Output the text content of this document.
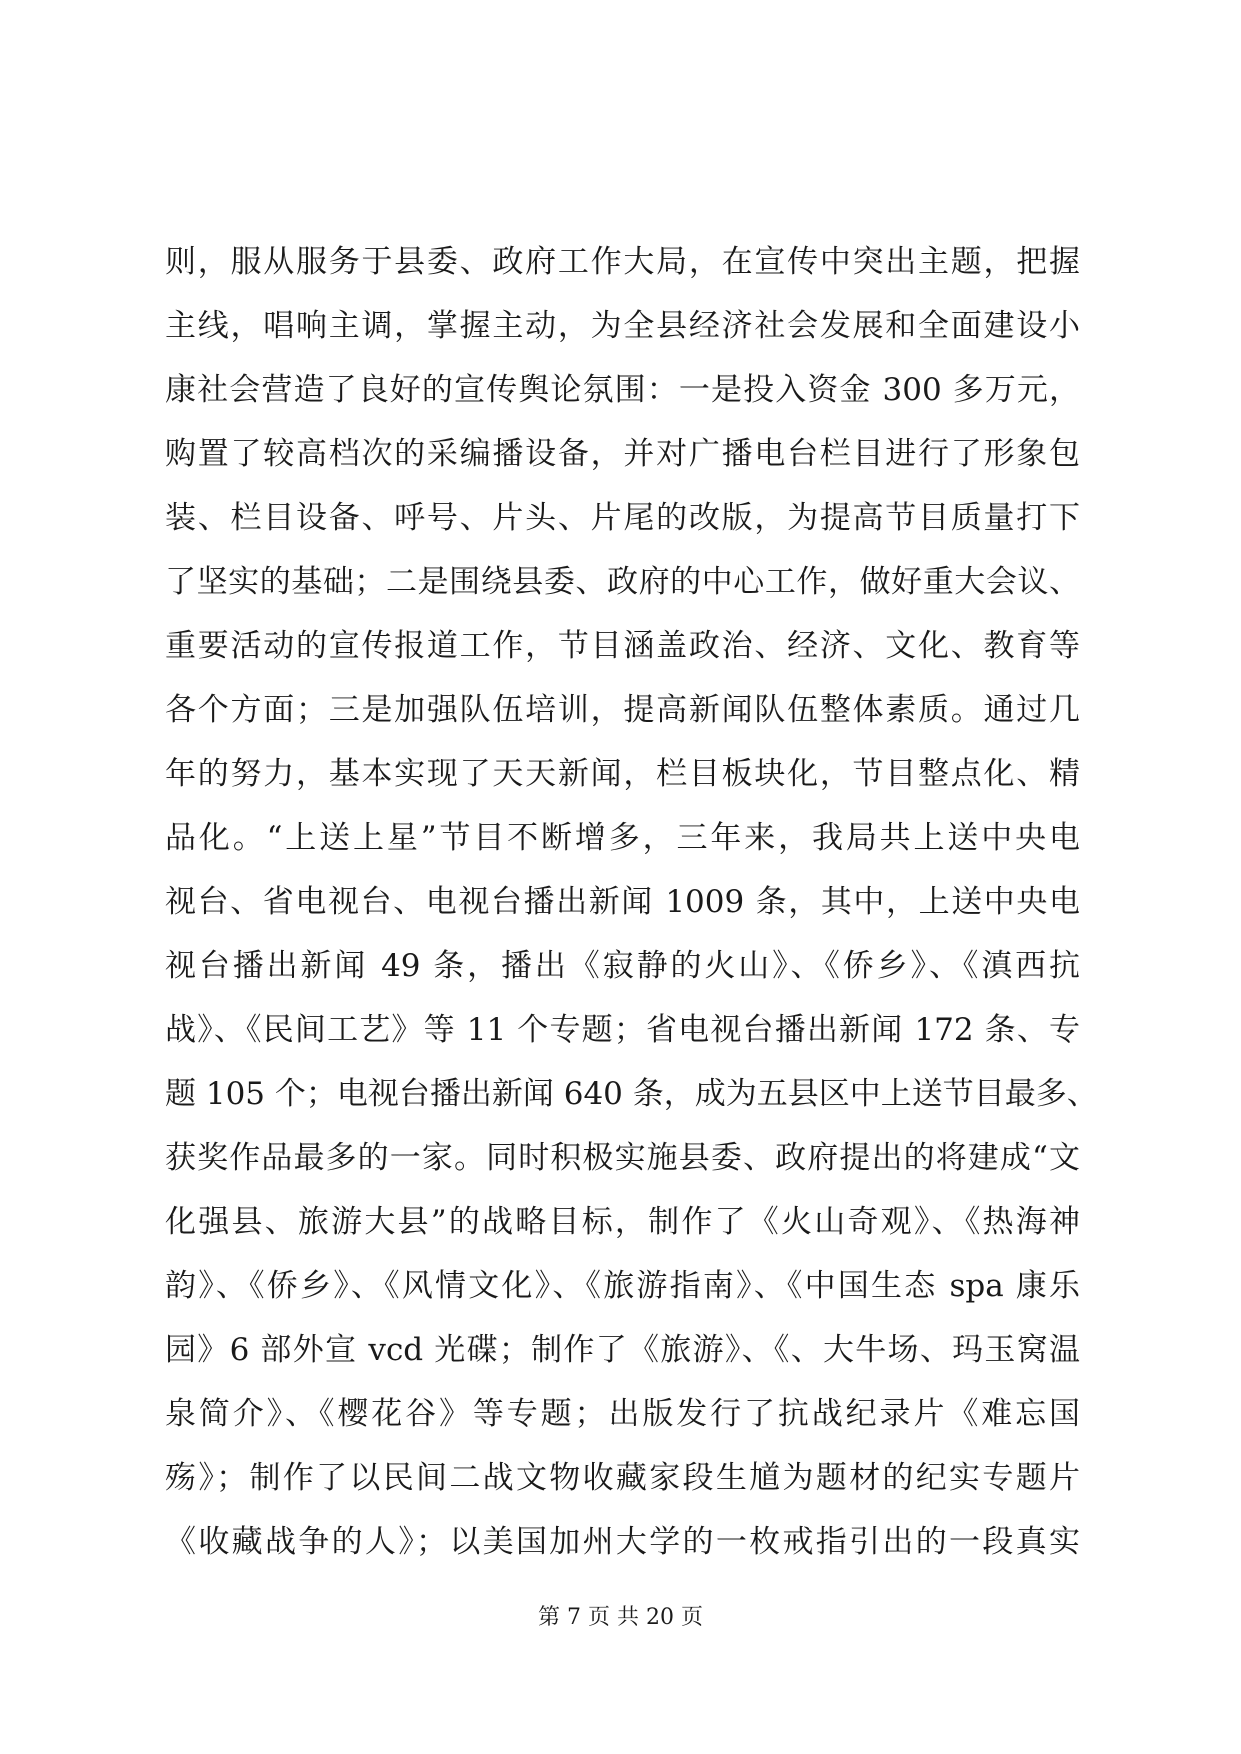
则，服从服务于县委、政府工作大局，在宣传中突出主题，把握
主线，唱响主调，掌握主动，为全县经济社会发展和全面建设小
康社会营造了良好的宣传舆论氛围：一是投入资金 300 多万元，
购置了较高档次的采编播设备，并对广播电台栏目进行了形象包
装、栏目设备、呼号、片头、片尾的改版，为提高节目质量打下
了坚实的基础；二是围绕县委、政府的中心工作，做好重大会议、
重要活动的宣传报道工作，节目涵盖政治、经济、文化、教育等
各个方面；三是加强队伍培训，提高新闻队伍整体素质。通过几
年的努力，基本实现了天天新闻，栏目板块化，节目整点化、精
品化。“上送上星”节目不断增多，三年来，我局共上送中央电
视台、省电视台、电视台播出新闻 1009 条，其中，上送中央电
视台播出新闻 49 条，播出《寂静的火山》、《侨乡》、《滇西抗
战》、《民间工艺》等 11 个专题；省电视台播出新闻 172 条、专
题 105 个；电视台播出新闻 640 条，成为五县区中上送节目最多、
获奖作品最多的一家。同时积极实施县委、政府提出的将建成“文
化强县、旅游大县”的战略目标，制作了《火山奇观》、《热海神
韵》、《侨乡》、《风情文化》、《旅游指南》、《中国生态 spa 康乐
园》6 部外宣 vcd 光碟；制作了《旅游》、《、大牛场、玛玉窝温
泉简介》、《樱花谷》等专题；出版发行了抗战纪录片《难忘国
殇》；制作了以民间二战文物收藏家段生馗为题材的纪实专题片
《收藏战争的人》；以美国加州大学的一枚戒指引出的一段真实
第 7 页 共 20 页
